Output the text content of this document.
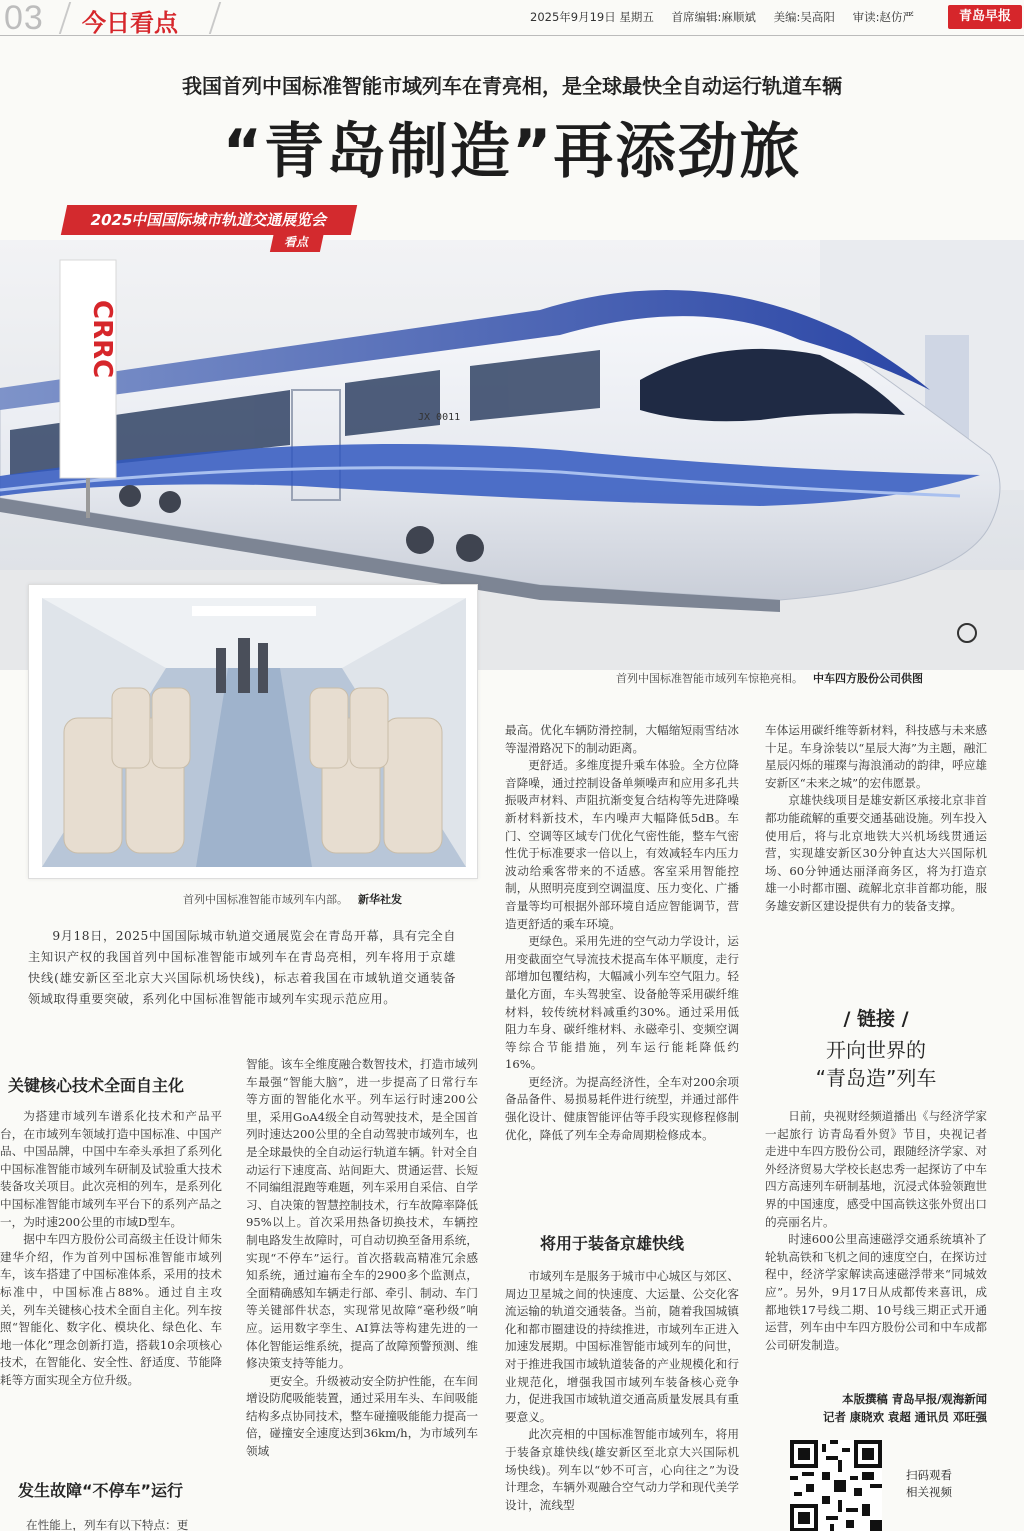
03 今日看点	2025年9月19日 星期五 首席编辑:麻顺斌 美编:吴高阳 审读:赵仿严	青岛早报
我国首列中国标准智能市域列车在青亮相，是全球最快全自动运行轨道车辆
“青岛制造”再添劲旅
CRRC
JX 0011
2025中国国际城市轨道交通展览会
看点
首列中国标准智能市域列车惊艳亮相。 中车四方股份公司供图
首列中国标准智能市域列车内部。 新华社发
9月18日，2025中国国际城市轨道交通展览会在青岛开幕，具有完全自主知识产权的我国首列中国标准智能市域列车在青岛亮相，列车将用于京雄快线(雄安新区至北京大兴国际机场快线)，标志着我国在市域轨道交通装备领域取得重要突破，系列化中国标准智能市域列车实现示范应用。
关键核心技术全面自主化

为搭建市域列车谱系化技术和产品平台，在市域列车领域打造中国标准、中国产品、中国品牌，中国中车牵头承担了系列化中国标准智能市域列车研制及试验重大技术装备攻关项目。此次亮相的列车，是系列化中国标准智能市域列车平台下的系列产品之一，为时速200公里的市域D型车。

据中车四方股份公司高级主任设计师朱建华介绍，作为首列中国标准智能市域列车，该车搭建了中国标准体系，采用的技术标准中，中国标准占88%。通过自主攻关，列车关键核心技术全面自主化。列车按照“智能化、数字化、模块化、绿色化、车地一体化”理念创新打造，搭载10余项核心技术，在智能化、安全性、舒适度、节能降耗等方面实现全方位升级。

发生故障“不停车”运行

在性能上，列车有以下特点：更

智能。该车全维度融合数智技术，打造市域列车最强“智能大脑”，进一步提高了日常行车等方面的智能化水平。列车运行时速200公里，采用GoA4级全自动驾驶技术，是全国首列时速达200公里的全自动驾驶市域列车，也是全球最快的全自动运行轨道车辆。针对全自动运行下速度高、站间距大、贯通运营、长短不同编组混跑等难题，列车采用自采信、自学习、自决策的智慧控制技术，行车故障率降低95%以上。首次采用热备切换技术，车辆控制电路发生故障时，可自动切换至备用系统，实现“不停车”运行。首次搭载高精准冗余感知系统，通过遍布全车的2900多个监测点，全面精确感知车辆走行部、牵引、制动、车门等关键部件状态，实现常见故障“毫秒级”响应。运用数字孪生、AI算法等构建先进的一体化智能运维系统，提高了故障预警预测、维修决策支持等能力。

更安全。升级被动安全防护性能，在车间增设防爬吸能装置，通过采用车头、车间吸能结构多点协同技术，整车碰撞吸能能力提高一倍，碰撞安全速度达到36km/h，为市域列车领域

最高。优化车辆防滑控制，大幅缩短雨雪结冰等湿滑路况下的制动距离。

更舒适。多维度提升乘车体验。全方位降音降噪，通过控制设备单频噪声和应用多孔共振吸声材料、声阻抗渐变复合结构等先进降噪新材料新技术，车内噪声大幅降低5dB。车门、空调等区域专门优化气密性能，整车气密性优于标准要求一倍以上，有效减轻车内压力波动给乘客带来的不适感。客室采用智能控制，从照明亮度到空调温度、压力变化、广播音量等均可根据外部环境自适应智能调节，营造更舒适的乘车环境。

更绿色。采用先进的空气动力学设计，运用变截面空气导流技术提高车体平顺度，走行部增加包覆结构，大幅减小列车空气阻力。轻量化方面，车头驾驶室、设备舱等采用碳纤维材料，较传统材料减重约30%。通过采用低阻力车身、碳纤维材料、永磁牵引、变频空调等综合节能措施，列车运行能耗降低约16%。

更经济。为提高经济性，全车对200余项备品备件、易损易耗件进行统型，并通过部件强化设计、健康智能评估等手段实现修程修制优化，降低了列车全寿命周期检修成本。

将用于装备京雄快线

市域列车是服务于城市中心城区与郊区、周边卫星城之间的快速度、大运量、公交化客流运输的轨道交通装备。当前，随着我国城镇化和都市圈建设的持续推进，市域列车正进入加速发展期。中国标准智能市域列车的问世，对于推进我国市域轨道装备的产业规模化和行业规范化，增强我国市域列车装备核心竞争力，促进我国市域轨道交通高质量发展具有重要意义。

此次亮相的中国标准智能市域列车，将用于装备京雄快线(雄安新区至北京大兴国际机场快线)。列车以“妙不可言，心向往之”为设计理念，车辆外观融合空气动力学和现代美学设计，流线型

车体运用碳纤维等新材料，科技感与未来感十足。车身涂装以“星辰大海”为主题，融汇星辰闪烁的璀璨与海浪涌动的韵律，呼应雄安新区“未来之城”的宏伟愿景。

京雄快线项目是雄安新区承接北京非首都功能疏解的重要交通基础设施。列车投入使用后，将与北京地铁大兴机场线贯通运营，实现雄安新区30分钟直达大兴国际机场、60分钟通达丽泽商务区，将为打造京雄一小时都市圈、疏解北京非首都功能，服务雄安新区建设提供有力的装备支撑。

/ 链接 /
开向世界的
“青岛造”列车

日前，央视财经频道播出《与经济学家一起旅行 访青岛看外贸》节目，央视记者走进中车四方股份公司，跟随经济学家、对外经济贸易大学校长赵忠秀一起探访了中车四方高速列车研制基地，沉浸式体验领跑世界的中国速度，感受中国高铁这张外贸出口的亮丽名片。

时速600公里高速磁浮交通系统填补了轮轨高铁和飞机之间的速度空白，在探访过程中，经济学家解读高速磁浮带来“同城效应”。另外，9月17日从成都传来喜讯，成都地铁17号线二期、10号线三期正式开通运营，列车由中车四方股份公司和中车成都公司研发制造。

本版撰稿 青岛早报/观海新闻
记者 康晓欢 袁超 通讯员 邓旺强
扫码观看
相关视频
